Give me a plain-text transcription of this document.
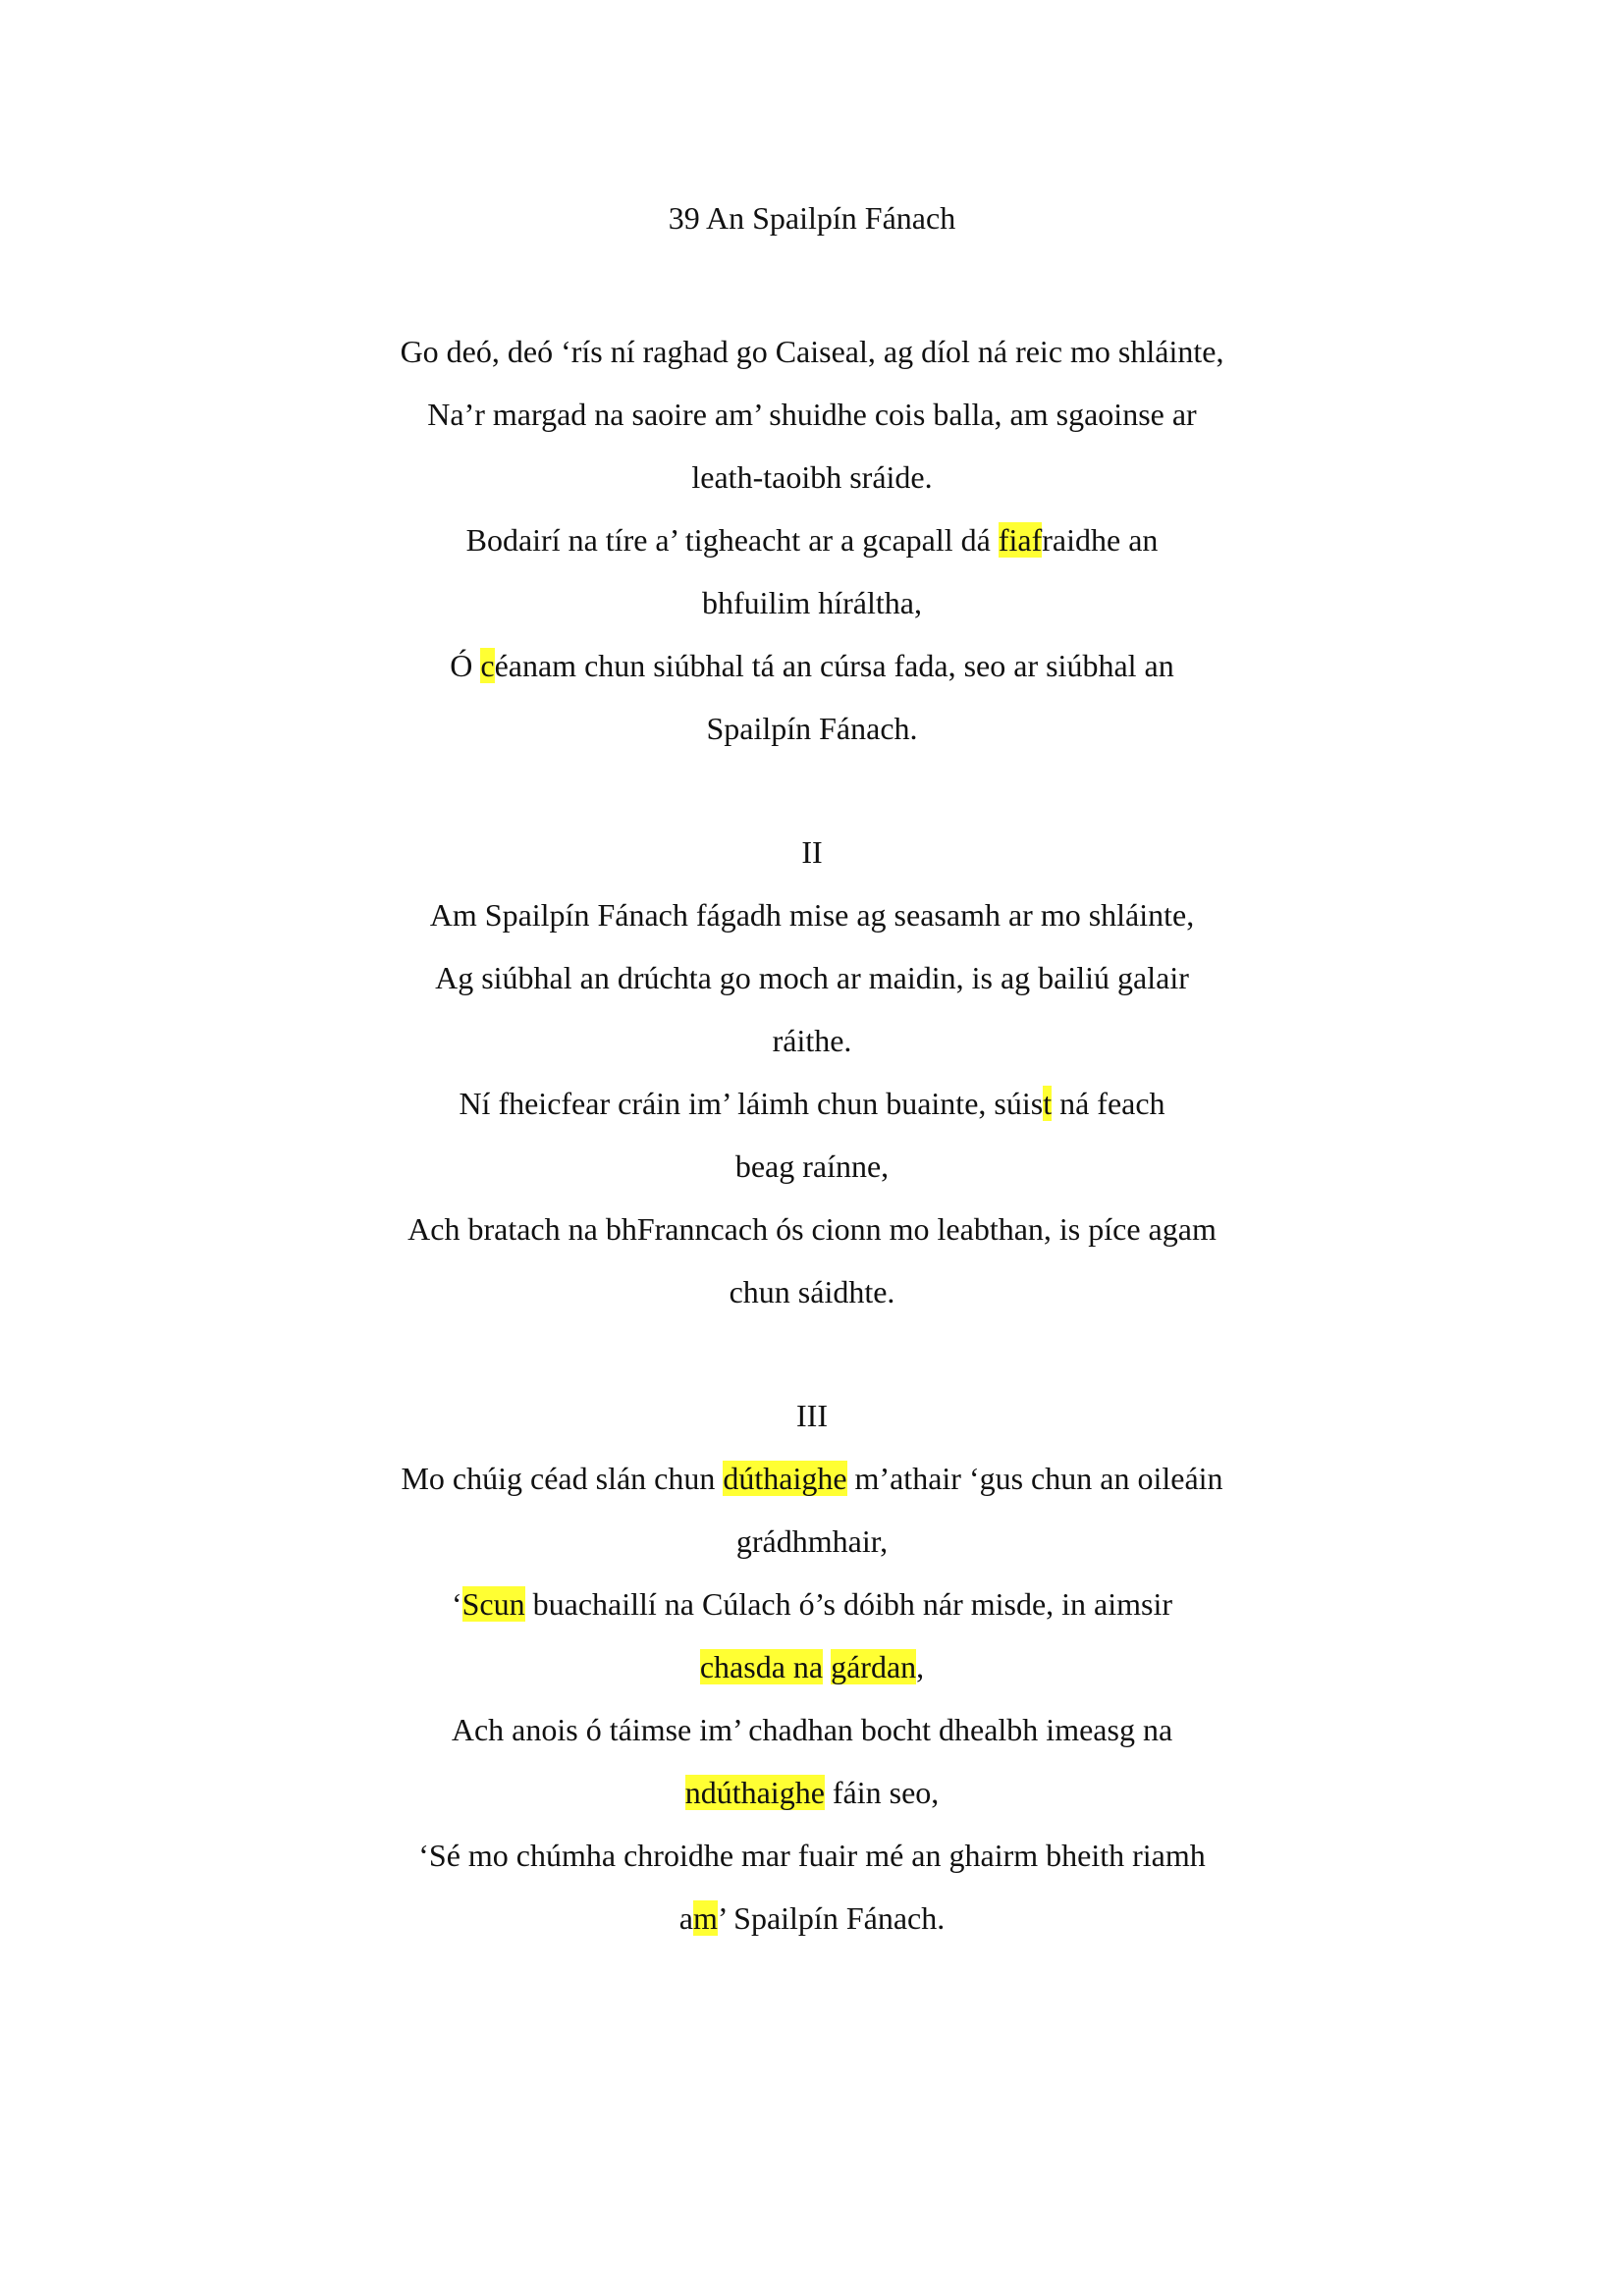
39 An Spailpín Fánach

Go deó, deó ‘rís ní raghad go Caiseal, ag díol ná reic mo shláinte,

Na’r margad na saoire am’ shuidhe cois balla, am sgaoinse ar

leath-taoibh sráide.

Bodairí na tíre a’ tigheacht ar a gcapall dá fiafraidhe an

bhfuilim híráltha,

Ó céanam chun siúbhal tá an cúrsa fada, seo ar siúbhal an

Spailpín Fánach.

II

Am Spailpín Fánach fágadh mise ag seasamh ar mo shláinte,

Ag siúbhal an drúchta go moch ar maidin, is ag bailiú galair

ráithe.

Ní fheicfear cráin im’ láimh chun buainte, súist ná feach

beag raínne,

Ach bratach na bhFranncach ós cionn mo leabthan, is píce agam

chun sáidhte.

III

Mo chúig céad slán chun dúthaighe m’athair ‘gus chun an oileáin

grádhmhair,

‘Scun buachaillí na Cúlach ó’s dóibh nár misde, in aimsir

chasda na gárdan,

Ach anois ó táimse im’ chadhan bocht dhealbh imeasg na

ndúthaighe fáin seo,

‘Sé mo chúmha chroidhe mar fuair mé an ghairm bheith riamh

am’ Spailpín Fánach.
